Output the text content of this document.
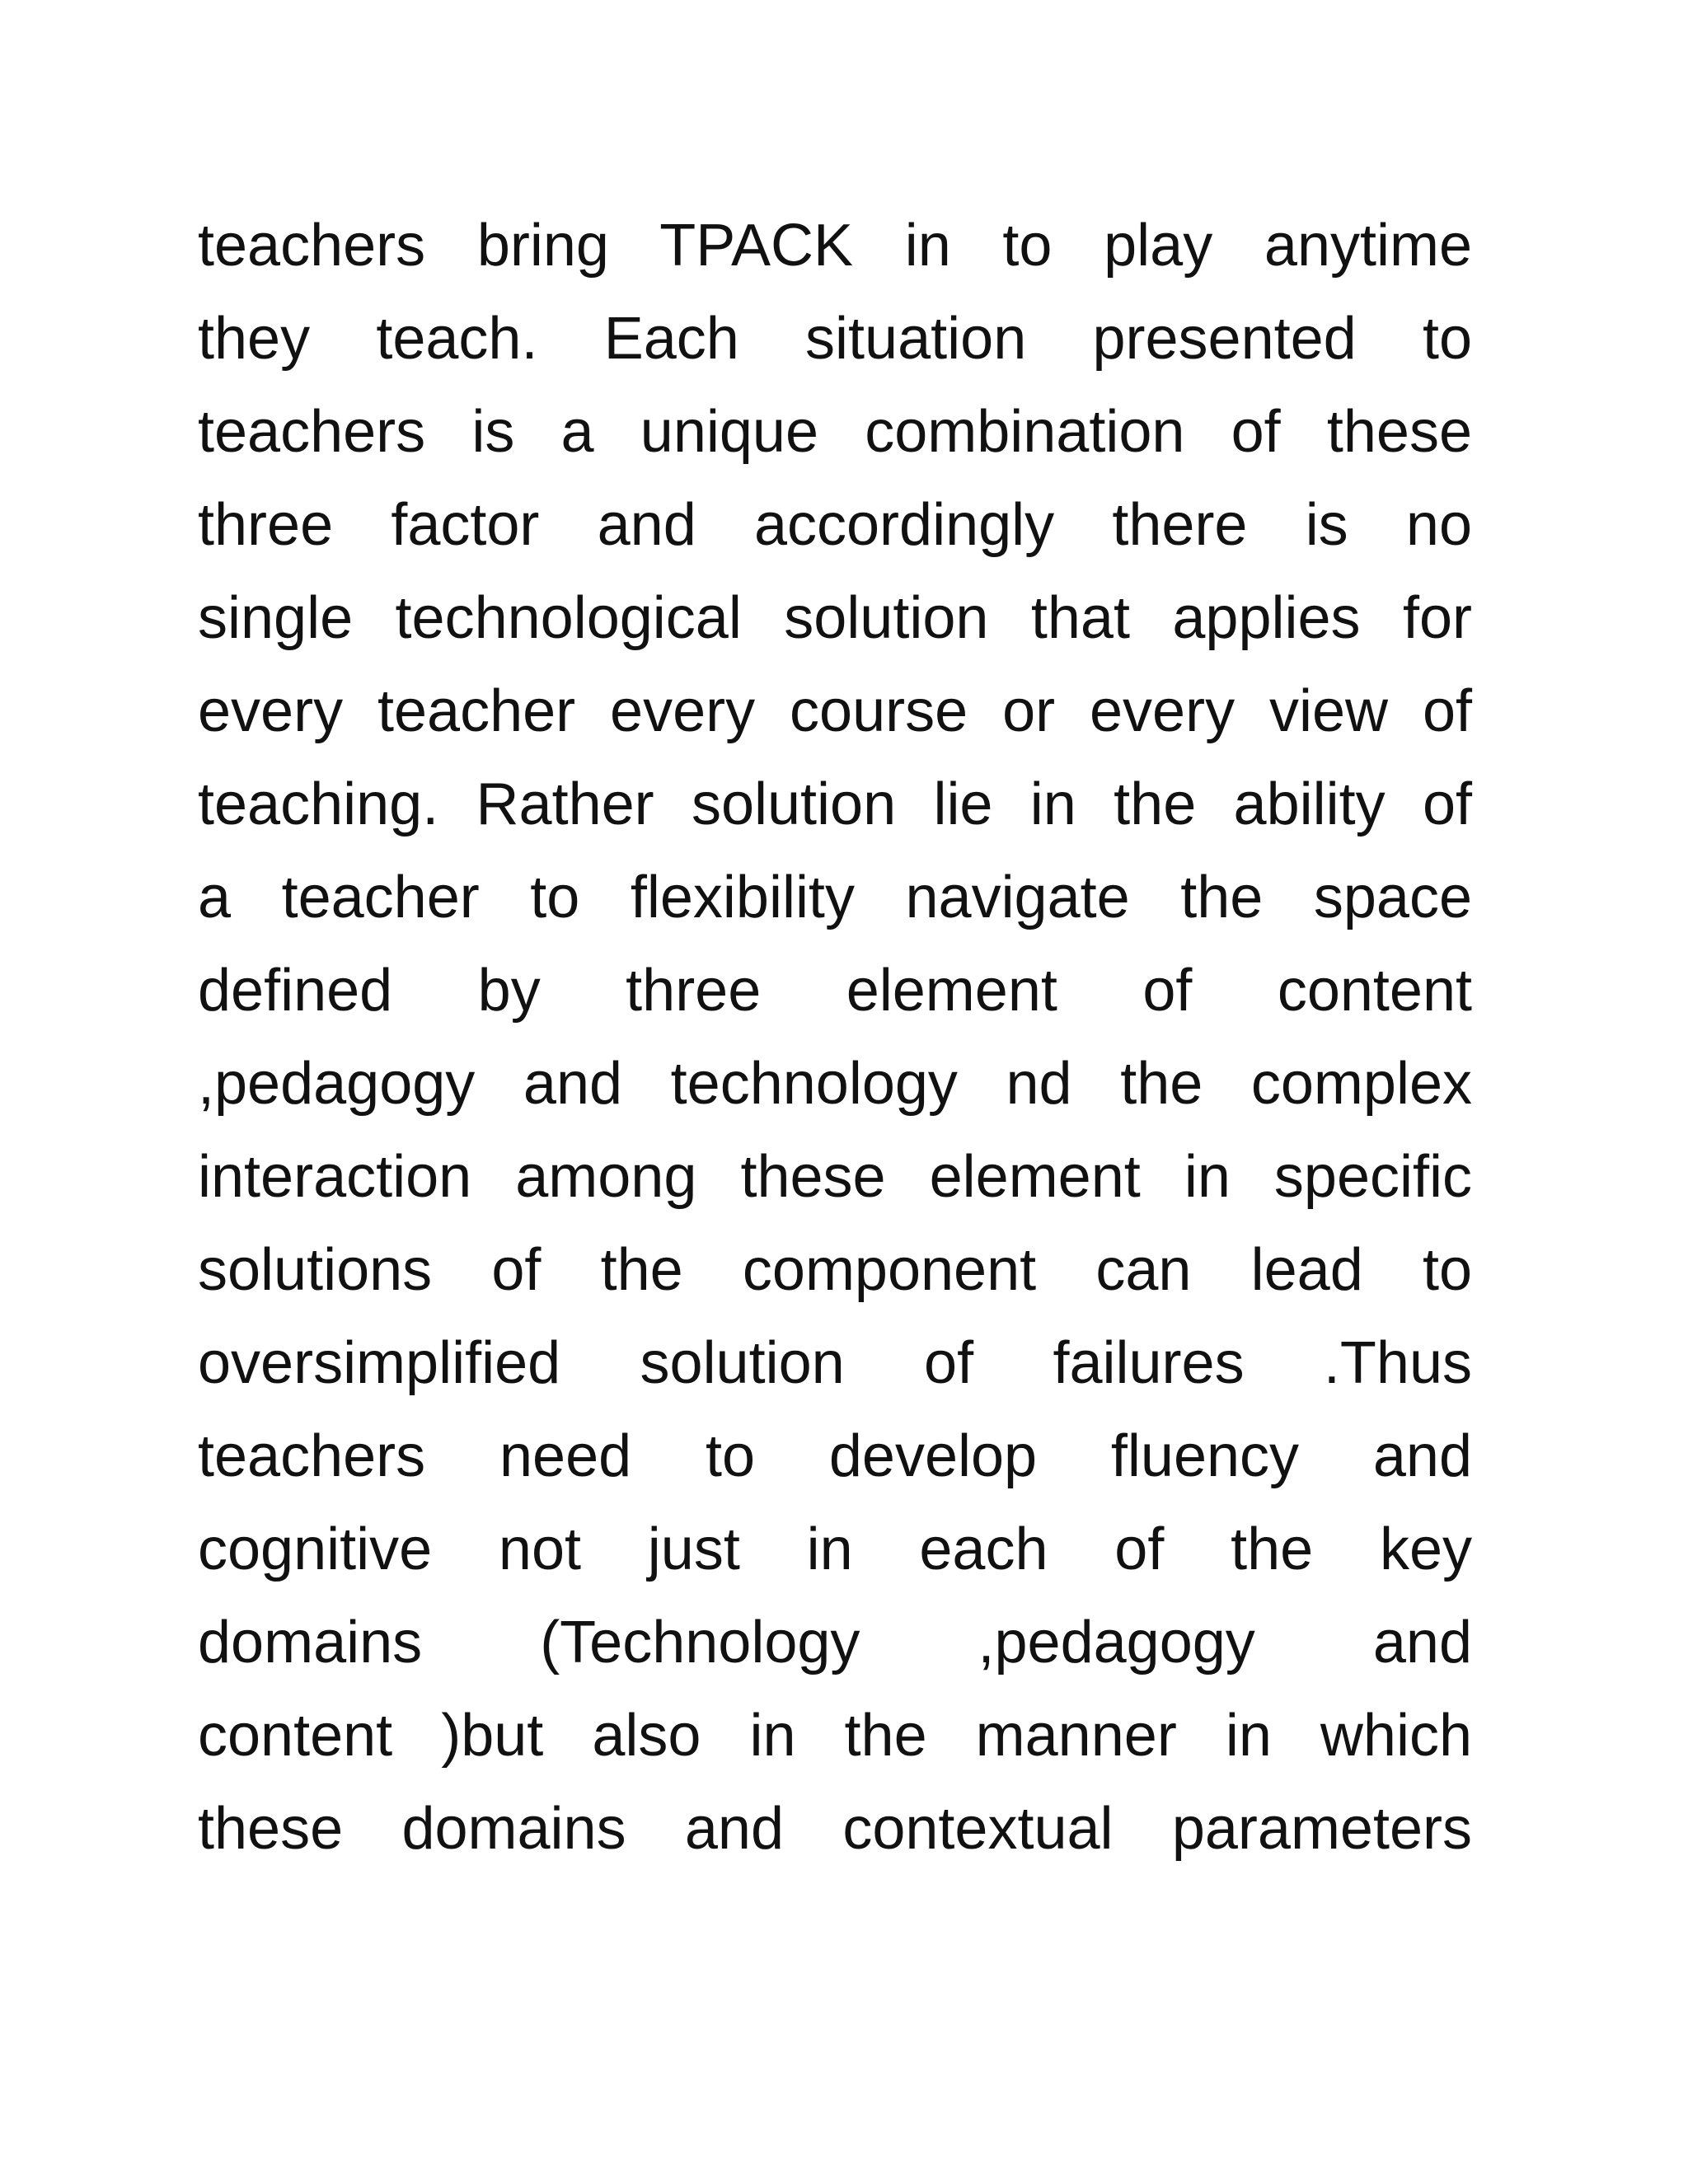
teachers bring TPACK in to play anytime
they teach. Each situation presented to
teachers is a unique combination of these
three factor and accordingly there is no
single technological solution that applies for
every teacher every course or every view of
teaching. Rather solution lie in the ability of
a teacher to flexibility navigate the space
defined by three element of content
,pedagogy and technology nd the complex
interaction among these element in specific
solutions of the component can lead to
oversimplified solution of failures .Thus
teachers need to develop fluency and
cognitive not just in each of the key
domains (Technology ,pedagogy and
content )but also in the manner in which
these domains and contextual parameters
